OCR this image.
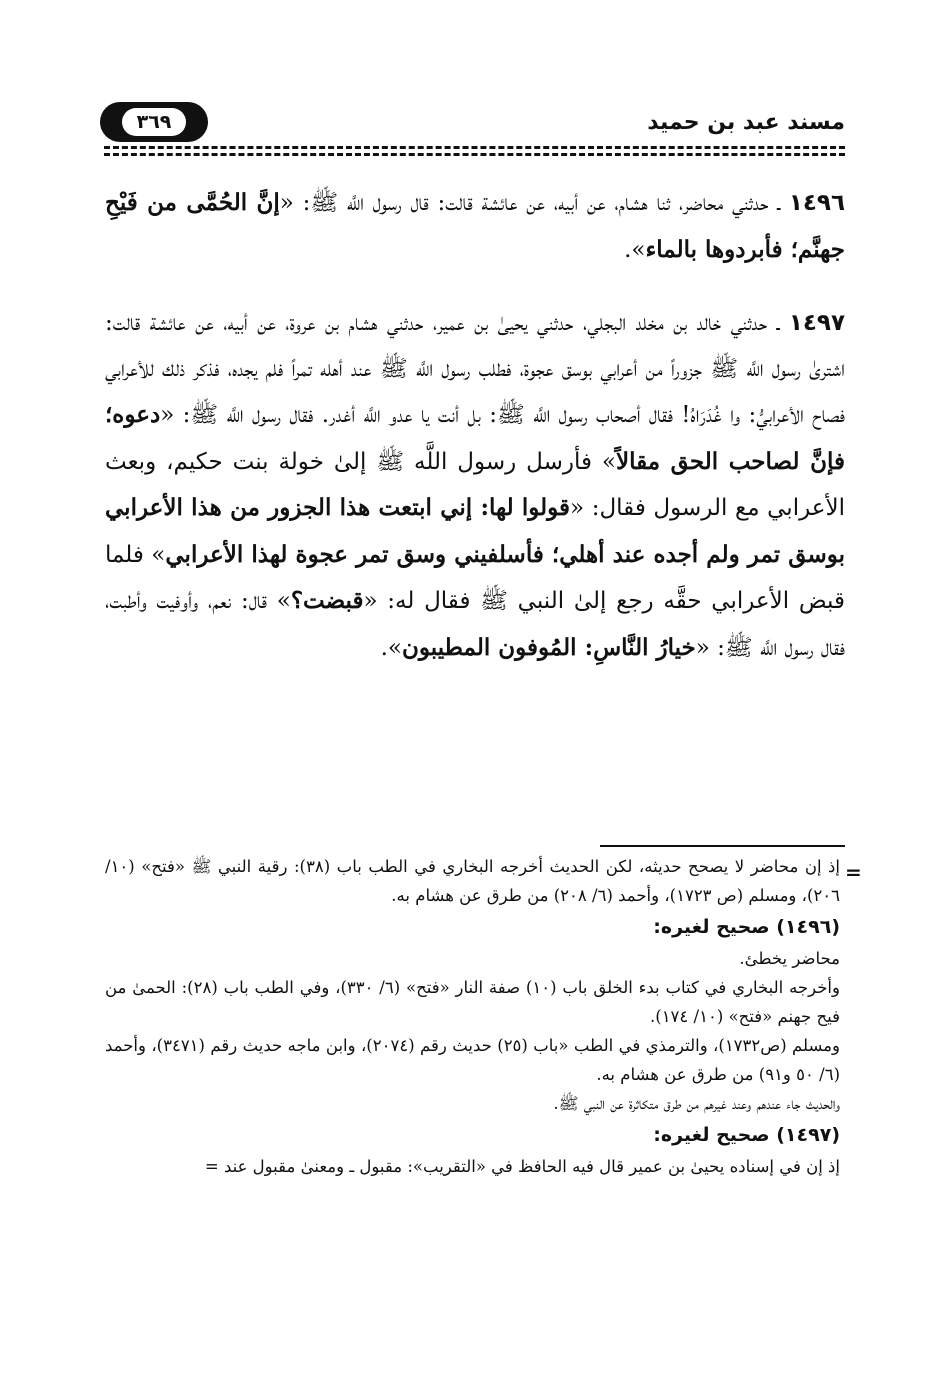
٣٦٩	مسند عبد بن حميد

١٤٩٦ ـ حدثني محاضر، ثنا هشام، عن أبيه، عن عائشة قالت: قال رسول اللَّه ﷺ: «إنَّ الحُمَّى من فَيْحِ جهنَّم؛ فأبردوها بالماء».

١٤٩٧ ـ حدثني خالد بن مخلد البجلي، حدثني يحيىٰ بن عمير، حدثني هشام بن عروة، عن أبيه، عن عائشة قالت: اشترىٰ رسول اللَّه ﷺ جزوراً من أعرابي بوسق عجوة، فطلب رسول اللَّه ﷺ عند أهله تمراً فلم يجده، فذكر ذلك للأعرابي فصاح الأعرابيُّ: وا غُدَرَاهُ! فقال أصحاب رسول اللَّه ﷺ: بل أنت يا عدو اللَّه أغدر. فقال رسول اللَّه ﷺ: «دعوه؛ فإنَّ لصاحب الحق مقالاً» فأرسل رسول اللَّه ﷺ إلىٰ خولة بنت حكيم، وبعث الأعرابي مع الرسول فقال: «قولوا لها: إني ابتعت هذا الجزور من هذا الأعرابي بوسق تمر ولم أجده عند أهلي؛ فأسلفيني وسق تمر عجوة لهذا الأعرابي» فلما قبض الأعرابي حقَّه رجع إلىٰ النبي ﷺ فقال له: «قبضت؟» قال: نعم، وأوفيت وأطبت، فقال رسول اللَّه ﷺ: «خيارُ النَّاسِ: المُوفون المطيبون».

=

إذ إن محاضر لا يصحح حديثه، لكن الحديث أخرجه البخاري في الطب باب (٣٨): رقية النبي ﷺ «فتح» (١٠/ ٢٠٦)، ومسلم (ص ١٧٢٣)، وأحمد (٦/ ٢٠٨) من طرق عن هشام به.

(١٤٩٦) صحيح لغيره:

محاضر يخطئ.

وأخرجه البخاري في كتاب بدء الخلق باب (١٠) صفة النار «فتح» (٦/ ٣٣٠)، وفي الطب باب (٢٨): الحمىٰ من فيح جهنم «فتح» (١٠/ ١٧٤).

ومسلم (ص١٧٣٢)، والترمذي في الطب «باب (٢٥) حديث رقم (٢٠٧٤)، وابن ماجه حديث رقم (٣٤٧١)، وأحمد (٦/ ٥٠ و٩١) من طرق عن هشام به.

والحديث جاء عندهم وعند غيرهم من طرق متكاثرة عن النبي ﷺ.

(١٤٩٧) صحيح لغيره:

إذ إن في إسناده يحيىٰ بن عمير قال فيه الحافظ في «التقريب»: مقبول ـ ومعنىٰ مقبول عند =
